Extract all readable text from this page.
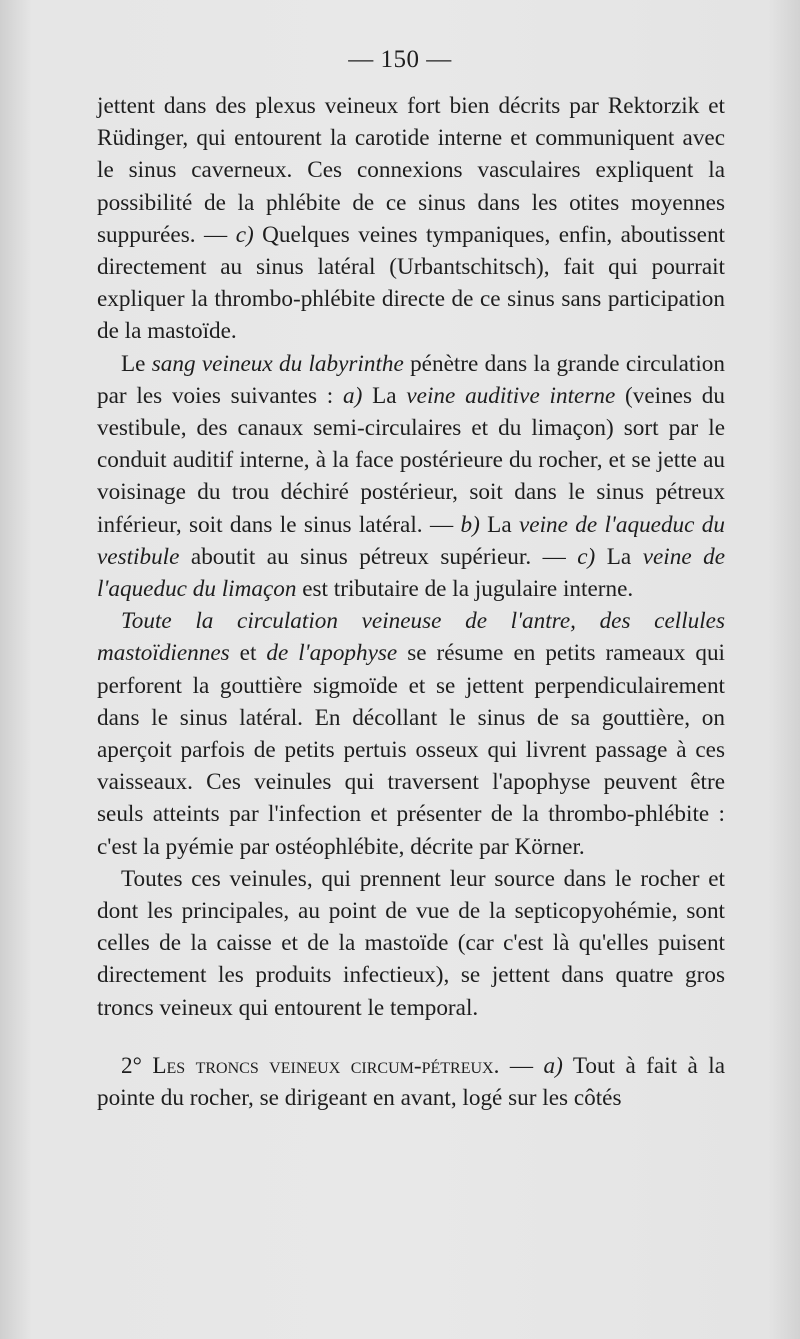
— 150 —

jettent dans des plexus veineux fort bien décrits par Rektorzik et Rüdinger, qui entourent la carotide interne et communiquent avec le sinus caverneux. Ces connexions vasculaires expliquent la possibilité de la phlébite de ce sinus dans les otites moyennes suppurées. — c) Quelques veines tympaniques, enfin, aboutissent directement au sinus latéral (Urbantschitsch), fait qui pourrait expliquer la thrombo-phlébite directe de ce sinus sans participation de la mastoïde.

Le sang veineux du labyrinthe pénètre dans la grande circulation par les voies suivantes : a) La veine auditive interne (veines du vestibule, des canaux semi-circulaires et du limaçon) sort par le conduit auditif interne, à la face postérieure du rocher, et se jette au voisinage du trou déchiré postérieur, soit dans le sinus pétreux inférieur, soit dans le sinus latéral. — b) La veine de l'aqueduc du vestibule aboutit au sinus pétreux supérieur. — c) La veine de l'aqueduc du limaçon est tributaire de la jugulaire interne.

Toute la circulation veineuse de l'antre, des cellules mastoïdiennes et de l'apophyse se résume en petits rameaux qui perforent la gouttière sigmoïde et se jettent perpendiculairement dans le sinus latéral. En décollant le sinus de sa gouttière, on aperçoit parfois de petits pertuis osseux qui livrent passage à ces vaisseaux. Ces veinules qui traversent l'apophyse peuvent être seuls atteints par l'infection et présenter de la thrombo-phlébite : c'est la pyémie par ostéophlébite, décrite par Körner.

Toutes ces veinules, qui prennent leur source dans le rocher et dont les principales, au point de vue de la septicopyohémie, sont celles de la caisse et de la mastoïde (car c'est là qu'elles puisent directement les produits infectieux), se jettent dans quatre gros troncs veineux qui entourent le temporal.

2° Les troncs veineux circum-pétreux. — a) Tout à fait à la pointe du rocher, se dirigeant en avant, logé sur les côtés
